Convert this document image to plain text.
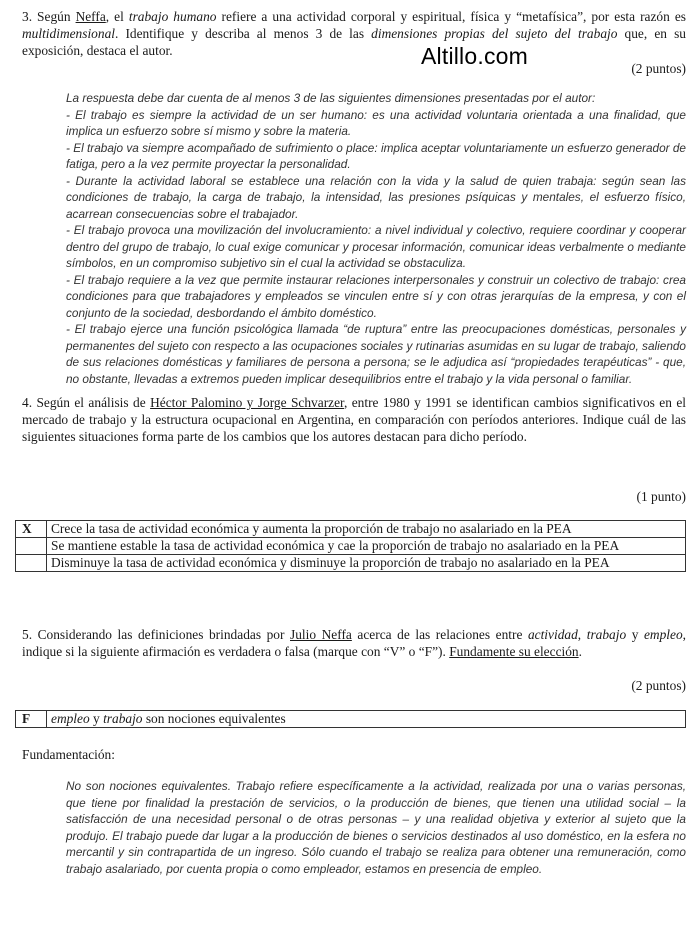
3. Según Neffa, el trabajo humano refiere a una actividad corporal y espiritual, física y “metafísica”, por esta razón es multidimensional. Identifique y describa al menos 3 de las dimensiones propias del sujeto del trabajo que, en su exposición, destaca el autor.	Altillo.com	(2 puntos)

La respuesta debe dar cuenta de al menos 3 de las siguientes dimensiones presentadas por el autor:

- El trabajo es siempre la actividad de un ser humano: es una actividad voluntaria orientada a una finalidad, que implica un esfuerzo sobre sí mismo y sobre la materia.

- El trabajo va siempre acompañado de sufrimiento o place: implica aceptar voluntariamente un esfuerzo generador de fatiga, pero a la vez permite proyectar la personalidad.

- Durante la actividad laboral se establece una relación con la vida y la salud de quien trabaja: según sean las condiciones de trabajo, la carga de trabajo, la intensidad, las presiones psíquicas y mentales, el esfuerzo físico, acarrean consecuencias sobre el trabajador.

- El trabajo provoca una movilización del involucramiento: a nivel individual y colectivo, requiere coordinar y cooperar dentro del grupo de trabajo, lo cual exige comunicar y procesar información, comunicar ideas verbalmente o mediante símbolos, en un compromiso subjetivo sin el cual la actividad se obstaculiza.

- El trabajo requiere a la vez que permite instaurar relaciones interpersonales y construir un colectivo de trabajo: crea condiciones para que trabajadores y empleados se vinculen entre sí y con otras jerarquías de la empresa, y con el conjunto de la sociedad, desbordando el ámbito doméstico.

- El trabajo ejerce una función psicológica llamada “de ruptura” entre las preocupaciones domésticas, personales y permanentes del sujeto con respecto a las ocupaciones sociales y rutinarias asumidas en su lugar de trabajo, saliendo de sus relaciones domésticas y familiares de persona a persona; se le adjudica así “propiedades terapéuticas” - que, no obstante, llevadas a extremos pueden implicar desequilibrios entre el trabajo y la vida personal o familiar.

4. Según el análisis de Héctor Palomino y Jorge Schvarzer, entre 1980 y 1991 se identifican cambios significativos en el mercado de trabajo y la estructura ocupacional en Argentina, en comparación con períodos anteriores. Indique cuál de las siguientes situaciones forma parte de los cambios que los autores destacan para dicho período.

(1 punto)
X	Crece la tasa de actividad económica y aumenta la proporción de trabajo no asalariado en la PEA
	Se mantiene estable la tasa de actividad económica y cae la proporción de trabajo no asalariado en la PEA
	Disminuye la tasa de actividad económica y disminuye la proporción de trabajo no asalariado en la PEA

5. Considerando las definiciones brindadas por Julio Neffa acerca de las relaciones entre actividad, trabajo y empleo, indique si la siguiente afirmación es verdadera o falsa (marque con “V” o “F”). Fundamente su elección.

(2 puntos)
F	empleo y trabajo son nociones equivalentes
Fundamentación:

No son nociones equivalentes. Trabajo refiere específicamente a la actividad, realizada por una o varias personas, que tiene por finalidad la prestación de servicios, o la producción de bienes, que tienen una utilidad social – la satisfacción de una necesidad personal o de otras personas – y una realidad objetiva y exterior al sujeto que la produjo. El trabajo puede dar lugar a la producción de bienes o servicios destinados al uso doméstico, en la esfera no mercantil y sin contrapartida de un ingreso. Sólo cuando el trabajo se realiza para obtener una remuneración, como trabajo asalariado, por cuenta propia o como empleador, estamos en presencia de empleo.
